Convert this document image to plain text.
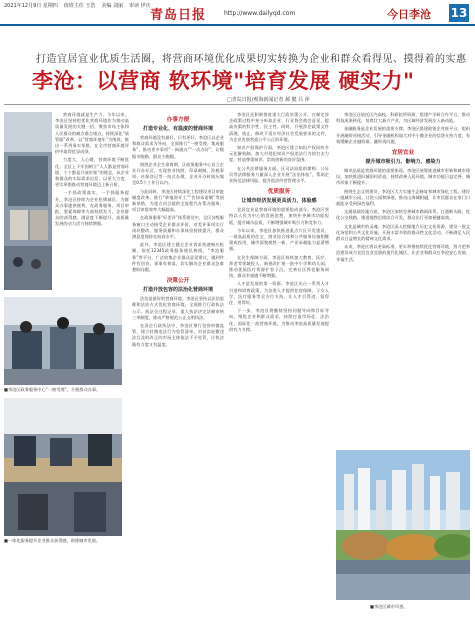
2021年12月9日 星期四 值班主任 王浩 美编 刘丽 审读 伊庆
青岛日报	http://www.dailyqd.com	今日李沧 13
打造宜居宜业优质生活圈，将营商环境优化成果切实转换为企业和群众看得见、摸得着的实惠
李沧：以营商 软环境"培育发展 硬实力"
□青岛日报/观海新闻记者 郝 健 吕 萍

营商环境就是生产力。今年以来，李沧区坚持把优化营商环境作为推动高质量发展的关键一招，聚焦市场主体和人民群众的痛点难点堵点，持续深化“放管服”改革，以“营商环境年”为统领，推出一系列务实举措，在全市营商环境评价中取得优异成绩。

力度大，人心暖，营商环境不断优化。全区上下牢固树立“人人都是营商环境、个个都是开放形象”的理念，从企业和群众的实际需求出发，以更大力度、更实举措推动营商环境迈上新台阶。

一手抓政策落实，一手抓服务提升，李沧区持续为企业松绑减负、为群众办事提供便利。在政务服务、项目审批、要素保障等方面持续发力，企业群众的获得感、满意度不断提升，高质量发展的动力活力持续增强。

■李沧区政务服务中心“一窗受理”，方便群众办事。
■一体化服务提升企业群众获得感，助推城市发展。
办事方便
打造专业化、有温度的营商环境

营商环境没有最好，只有更好。李沧区以企业和群众需求为导向，全面推行“一窗受理、集成服务”，推动更多事项“一网通办”“一次办好”，让数据多跑路、群众少跑腿。

围绕企业全生命周期，区政务服务中心设立企业开办专区，实现营业执照、印章刻制、涉税事项、社保登记等一站式办理，企业开办时间压缩至0.5个工作日以内。

与此同时，李沧区持续深化工程建设项目审批制度改革，推行“拿地即开工”“告知承诺制”等创新举措，为重点项目提供全流程代办帮办服务，项目审批效率大幅提高。

在政务服务“好差评”体系建设中，全区各级服务窗口主动接受企业群众评价，对差评事项实行闭环整改，服务质量和办事体验持续提升，群众满意度保持在较高水平。

此外，李沧区建立健全企业诉求快速响应机制，依托12345政务服务便民热线、“李沧服务”等平台，广泛收集企业群众意见建议，做到件件有回音、事事有着落，切实解决企业群众急难愁盼问题。

决策公开
打造开放包容的法治化营商环境

法治是最好的营商环境。李沧区坚持以法治思维和法治方式优化营商环境，全面推行行政执法公示、执法全过程记录、重大执法决定法制审核三项制度，推动严格规范公正文明执法。

在涉企行政执法中，李沧区推行包容审慎监管，建立轻微违法行为免罚清单，对首次轻微违法且及时改正的市场主体依法不予处罚，让执法既有力度又有温度。

李沧区还积极推进重大行政决策公开，在制定涉企政策过程中充分听取企业、行业协会商会意见，提高决策的科学性、民主性。同时，开展涉企政策文件清理，废止、修改不适应经济社会发展要求的文件，为企业发展营造公平公正的环境。

知识产权保护方面，李沧区建立知识产权纠纷多元化解机制，加大对侵犯知识产权违法行为的打击力度，营造尊重知识、崇尚创新的良好氛围。

在公共法律服务方面，区司法局组织律师、公证员等法律服务力量深入企业开展“法治体检”，帮助企业防范法律风险，提升依法经营管理水平。

优质服务
让城市经济发展更具活力、体验感

宜居宜业是营商环境的重要组成部分。李沧区坚持以人民为中心的发展思想，加快补齐城市功能短板，提升城市品质，不断增强城市吸引力和竞争力。

今年以来，李沧区加快推进重点片区开发建设，一批高品质的住宅、商业综合体和公共服务设施相继建成投用，城市面貌焕然一新，产业承载能力显著增强。

在民生保障方面，李沧区持续加大教育、医疗、养老等领域投入，新建改扩建一批中小学和幼儿园，推动优质医疗资源扩容下沉，完善社区养老服务网络，群众幸福感不断增强。

人才是发展的第一资源。李沧区出台一系列人才引进和培育政策，为各类人才提供住房保障、子女入学、医疗服务等全方位支持，让人才引得进、留得住、用得好。

下一步，李沧区将继续坚持问题导向和目标导向，聚焦企业和群众需求，持续打造市场化、法治化、国际化一流营商环境，为推动李沧高质量发展提供有力支撑。

李沧区还依托区内高校、科研院所资源，搭建产学研合作平台，推动科技成果转化，培育壮大新兴产业，为区域经济发展注入新动能。

金融服务是企业发展的重要支撑。李沧区搭建政银企对接平台，组织开展融资对接活动，引导金融机构加大对中小微企业的信贷支持力度，有效缓解企业融资难、融资贵问题。

宜居宜业
提升城市吸引力、影响力、感染力

城市品质是营商环境的重要体现。李沧区统筹推进城市更新和城市建设，加快推进旧城旧村改造，持续改善人居环境，城市功能日益完善，城市形象不断提升。

围绕生态文明建设，李沧区大力实施生态修复和城市绿化工程，建设一批城市公园、口袋公园和绿道，推动山海城相融，让市民群众在家门口就能享受到绿色福利。

交通基础设施方面，李沧区加快完善城市路网体系，打通断头路，优化公交线路，推进地铁沿线综合开发，群众出行更加便捷高效。

文化是城市的灵魂。李沧区深入挖掘地方历史文化资源，建设一批文化场馆和公共文化设施，开展丰富多彩的群众性文化活动，不断满足人民群众日益增长的精神文化需求。

未来，李沧区将以更高标准、更实举措持续优化营商环境，努力把李沧建设成为宜居宜业宜游的现代化城区，让企业和群众在李沧安心发展、幸福生活。

■李沧区城市风貌。
